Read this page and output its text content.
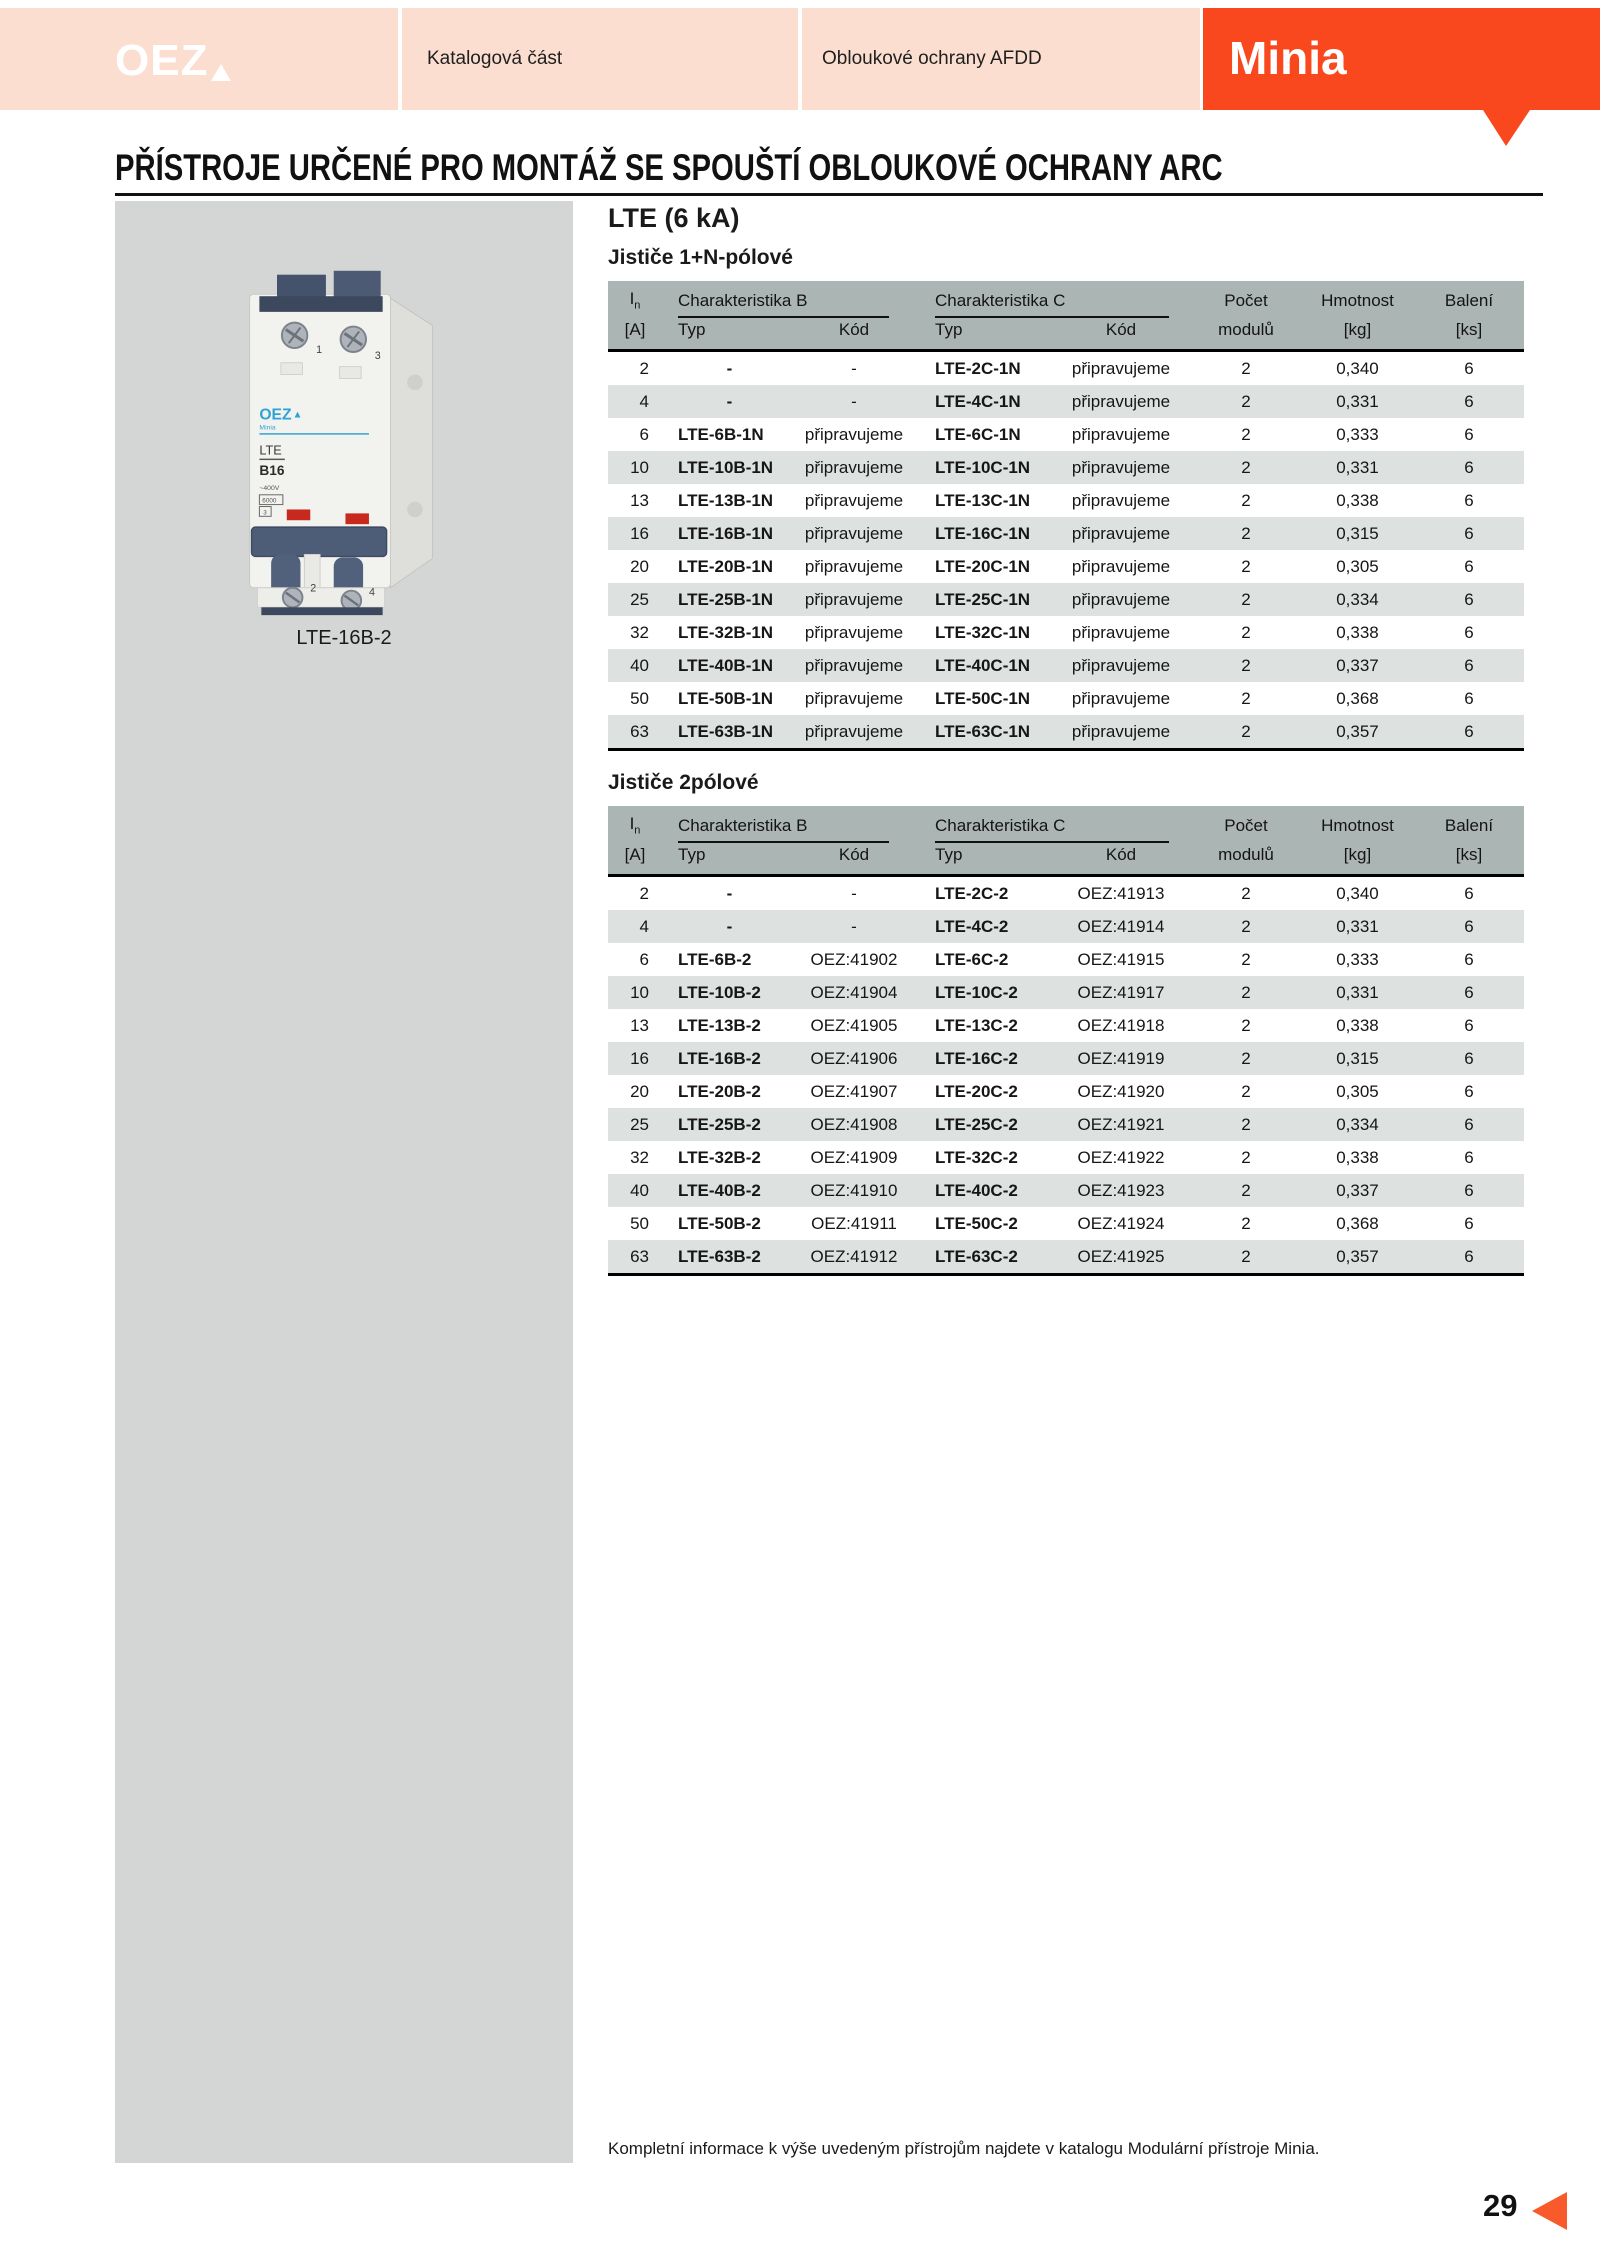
OEZ	Katalogová část	Obloukové ochrany AFDD	Minia
PŘÍSTROJE URČENÉ PRO MONTÁŽ SE SPOUŠTÍ OBLOUKOVÉ OCHRANY ARC
1	3
OEZ
Minia
LTE
B16
~400V
6000
3
2	4
LTE-16B-2
LTE (6 kA)
Jističe 1+N-pólové
$I_n$	Charakteristika B		Charakteristika C		Počet	Hmotnost	Balení
[A]	Typ	Kód	Typ	Kód	modulů	[kg]	[ks]
2	-	-	LTE-2C-1N	připravujeme	2	0,340	6
4	-	-	LTE-4C-1N	připravujeme	2	0,331	6
6	LTE-6B-1N	připravujeme	LTE-6C-1N	připravujeme	2	0,333	6
10	LTE-10B-1N	připravujeme	LTE-10C-1N	připravujeme	2	0,331	6
13	LTE-13B-1N	připravujeme	LTE-13C-1N	připravujeme	2	0,338	6
16	LTE-16B-1N	připravujeme	LTE-16C-1N	připravujeme	2	0,315	6
20	LTE-20B-1N	připravujeme	LTE-20C-1N	připravujeme	2	0,305	6
25	LTE-25B-1N	připravujeme	LTE-25C-1N	připravujeme	2	0,334	6
32	LTE-32B-1N	připravujeme	LTE-32C-1N	připravujeme	2	0,338	6
40	LTE-40B-1N	připravujeme	LTE-40C-1N	připravujeme	2	0,337	6
50	LTE-50B-1N	připravujeme	LTE-50C-1N	připravujeme	2	0,368	6
63	LTE-63B-1N	připravujeme	LTE-63C-1N	připravujeme	2	0,357	6
Jističe 2pólové
$I_n$	Charakteristika B		Charakteristika C		Počet	Hmotnost	Balení
[A]	Typ	Kód	Typ	Kód	modulů	[kg]	[ks]
2	-	-	LTE-2C-2	OEZ:41913	2	0,340	6
4	-	-	LTE-4C-2	OEZ:41914	2	0,331	6
6	LTE-6B-2	OEZ:41902	LTE-6C-2	OEZ:41915	2	0,333	6
10	LTE-10B-2	OEZ:41904	LTE-10C-2	OEZ:41917	2	0,331	6
13	LTE-13B-2	OEZ:41905	LTE-13C-2	OEZ:41918	2	0,338	6
16	LTE-16B-2	OEZ:41906	LTE-16C-2	OEZ:41919	2	0,315	6
20	LTE-20B-2	OEZ:41907	LTE-20C-2	OEZ:41920	2	0,305	6
25	LTE-25B-2	OEZ:41908	LTE-25C-2	OEZ:41921	2	0,334	6
32	LTE-32B-2	OEZ:41909	LTE-32C-2	OEZ:41922	2	0,338	6
40	LTE-40B-2	OEZ:41910	LTE-40C-2	OEZ:41923	2	0,337	6
50	LTE-50B-2	OEZ:41911	LTE-50C-2	OEZ:41924	2	0,368	6
63	LTE-63B-2	OEZ:41912	LTE-63C-2	OEZ:41925	2	0,357	6
Kompletní informace k výše uvedeným přístrojům najdete v katalogu Modulární přístroje Minia.
29
